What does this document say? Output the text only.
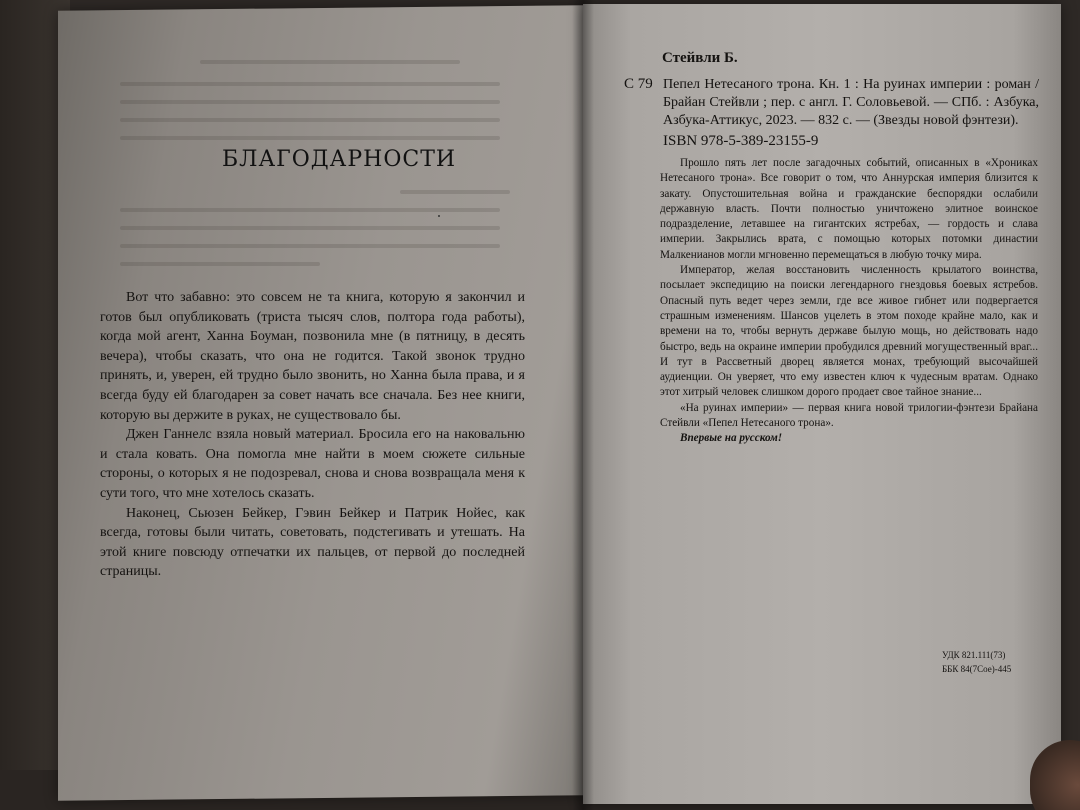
БЛАГОДАРНОСТИ

Вот что забавно: это совсем не та книга, которую я закончил и готов был опубликовать (триста тысяч слов, полтора года работы), когда мой агент, Ханна Боуман, позвонила мне (в пятницу, в десять вечера), чтобы сказать, что она не годится. Такой звонок трудно принять, и, уверен, ей трудно было звонить, но Ханна была права, и я всегда буду ей благодарен за совет начать все сначала. Без нее книги, которую вы держите в руках, не существовало бы.

Джен Ганнелс взяла новый материал. Бросила его на наковальню и стала ковать. Она помогла мне найти в моем сюжете сильные стороны, о которых я не подозревал, снова и снова возвращала меня к сути того, что мне хотелось сказать.

Наконец, Сьюзен Бейкер, Гэвин Бейкер и Патрик Нойес, как всегда, готовы были читать, советовать, подстегивать и утешать. На этой книге повсюду отпечатки их пальцев, от первой до последней страницы.

Стейвли Б.
С 79 Пепел Нетесаного трона. Кн. 1 : На руинах империи : роман / Брайан Стейвли ; пер. с англ. Г. Соловьевой. — СПб. : Азбука, Азбука-Аттикус, 2023. — 832 с. — (Звезды новой фэнтези).
ISBN 978-5-389-23155-9

Прошло пять лет после загадочных событий, описанных в «Хрониках Нетесаного трона». Все говорит о том, что Аннурская империя близится к закату. Опустошительная война и гражданские беспорядки ослабили державную власть. Почти полностью уничтожено элитное воинское подразделение, летавшее на гигантских ястребах, — гордость и слава империи. Закрылись врата, с помощью которых потомки династии Малкенианов могли мгновенно перемещаться в любую точку мира.

Император, желая восстановить численность крылатого воинства, посылает экспедицию на поиски легендарного гнездовья боевых ястребов. Опасный путь ведет через земли, где все живое гибнет или подвергается страшным изменениям. Шансов уцелеть в этом походе крайне мало, как и времени на то, чтобы вернуть державе былую мощь, но действовать надо быстро, ведь на окраине империи пробудился древний могущественный враг... И тут в Рассветный дворец является монах, требующий высочайшей аудиенции. Он уверяет, что ему известен ключ к чудесным вратам. Однако этот хитрый человек слишком дорого продает свое тайное знание...

«На руинах империи» — первая книга новой трилогии-фэнтези Брайана Стейвли «Пепел Нетесаного трона».

Впервые на русском!

УДК 821.111(73)
ББК 84(7Сое)-445
